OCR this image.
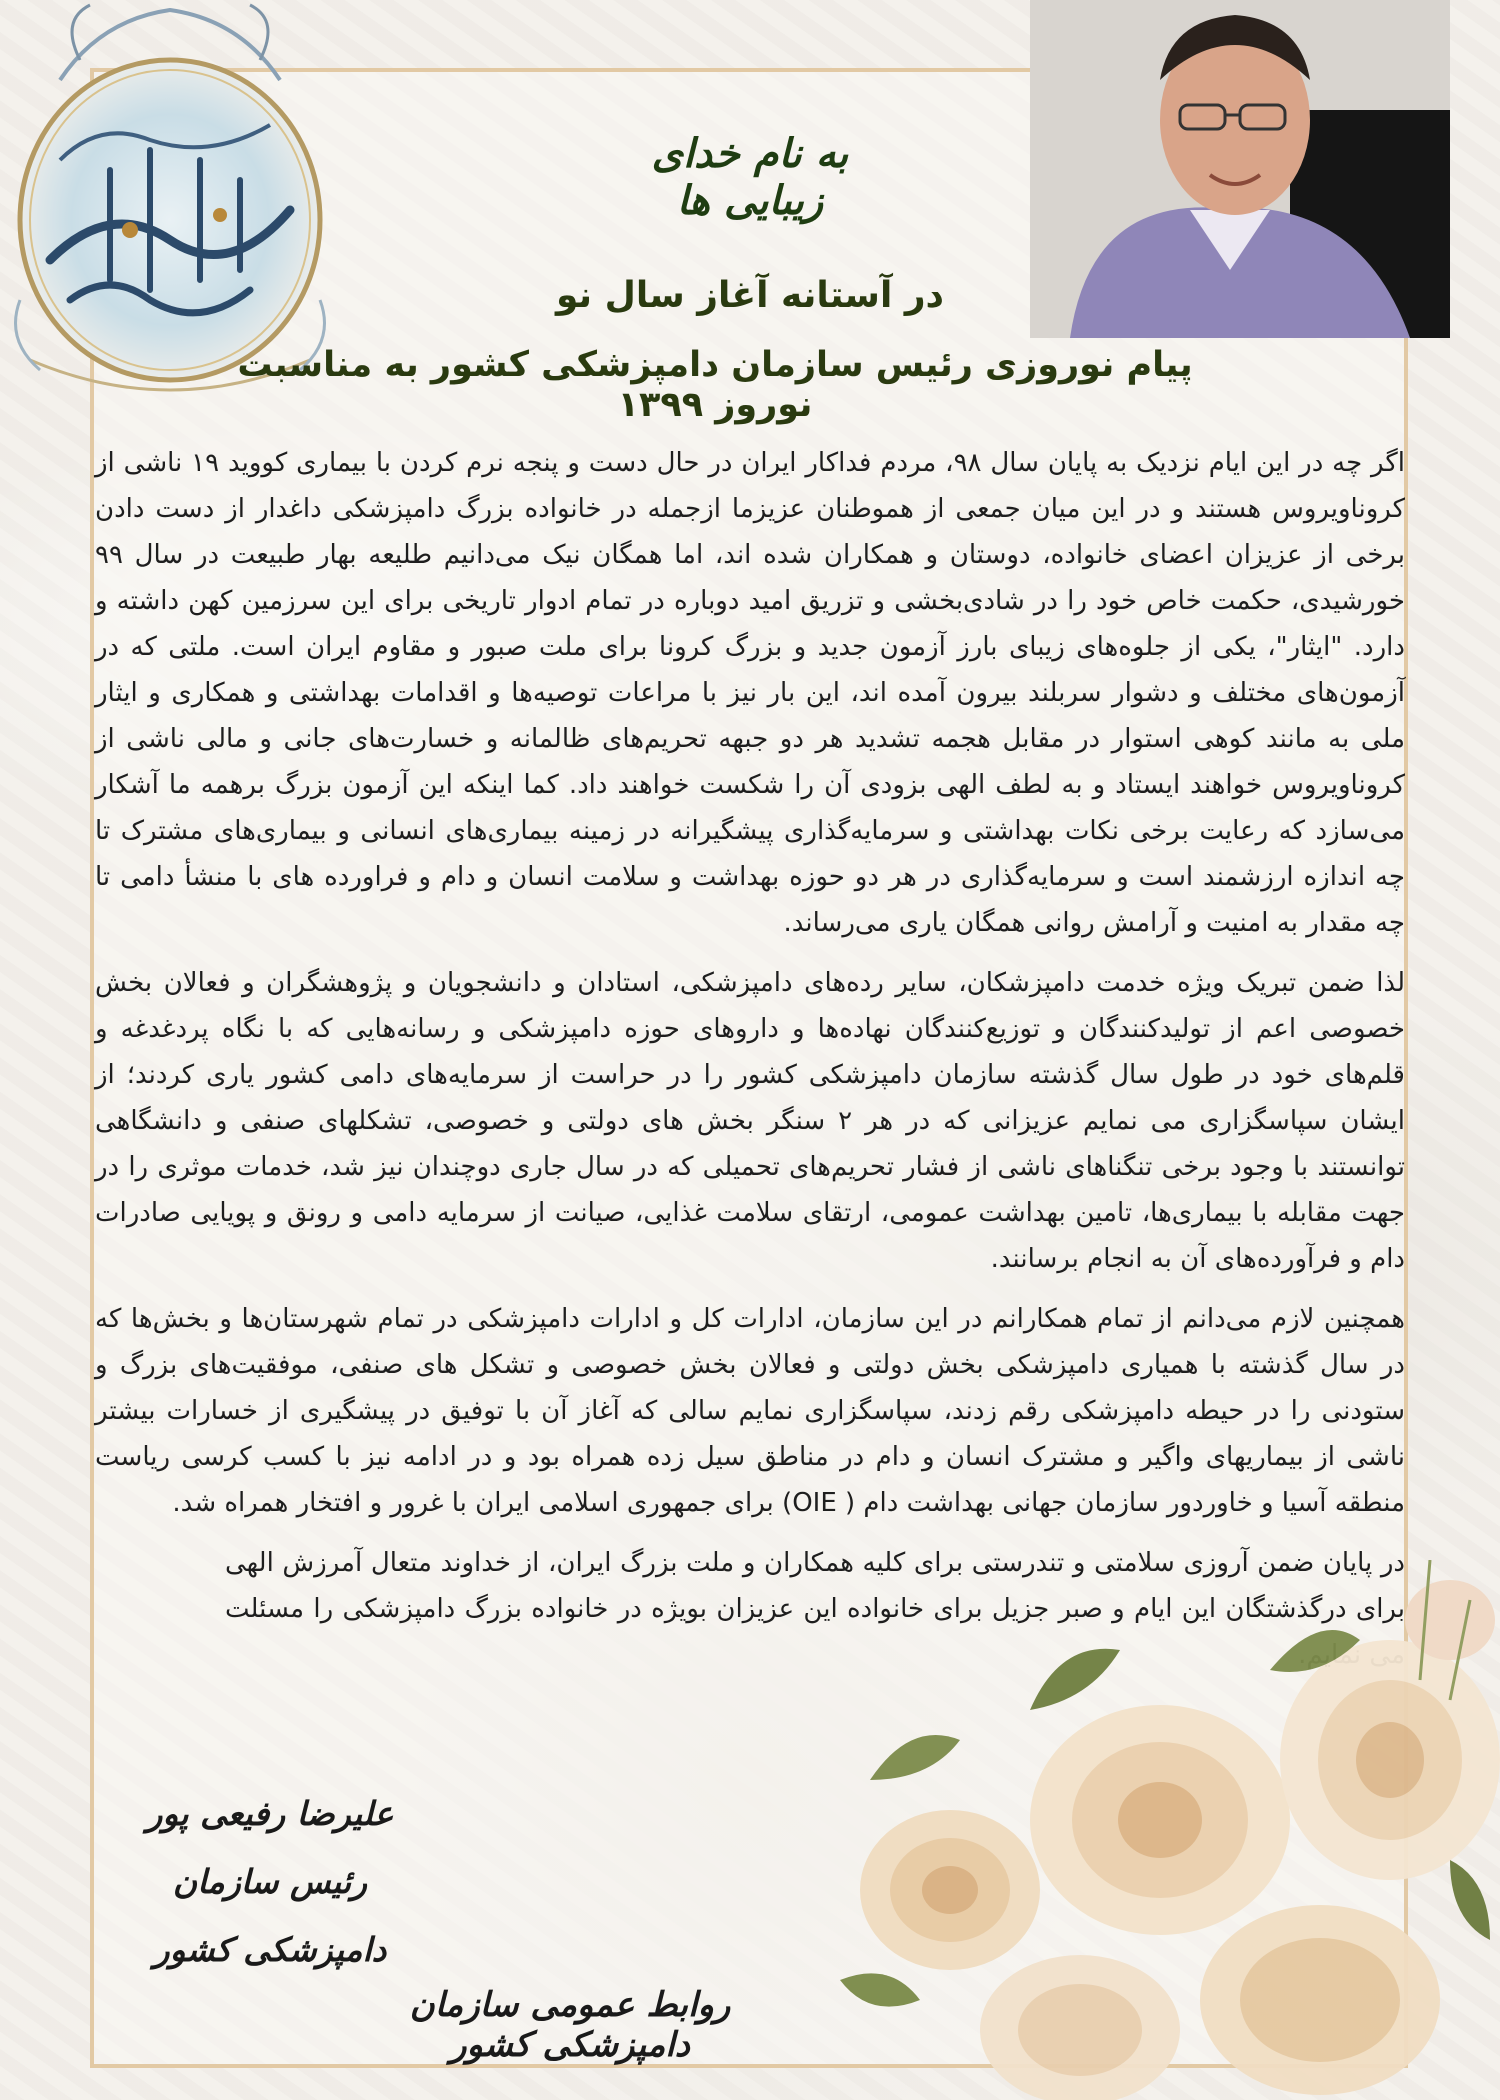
به نام خدای زیبایی ها
در آستانه آغاز سال نو
پیام نوروزی رئیس سازمان دامپزشکی کشور به مناسبت نوروز ۱۳۹۹

اگر چه در این ایام نزدیک به پایان سال ۹۸، مردم فداکار ایران در حال دست و پنجه نرم کردن با بیماری کووید ۱۹ ناشی از کروناویروس هستند و در این میان جمعی از هموطنان عزیزما ازجمله در خانواده بزرگ دامپزشکی داغدار از دست دادن برخی از عزیزان اعضای خانواده، دوستان و همکاران شده اند، اما همگان نیک می‌دانیم طلیعه بهار طبیعت در سال ۹۹ خورشیدی، حکمت خاص خود را در شادی‌بخشی و تزریق امید دوباره در تمام ادوار تاریخی برای این سرزمین کهن داشته و دارد. "ایثار"، یکی از جلوه‌های زیبای بارز آزمون جدید و بزرگ کرونا برای ملت صبور و مقاوم ایران است. ملتی که در آزمون‌های مختلف و دشوار سربلند بیرون آمده اند، این بار نیز با مراعات توصیه‌ها و اقدامات بهداشتی و همکاری و ایثار ملی به مانند کوهی استوار در مقابل هجمه تشدید هر دو جبهه تحریم‌های ظالمانه و خسارت‌های جانی و مالی ناشی از کروناویروس خواهند ایستاد و به لطف الهی بزودی آن را شکست خواهند داد. کما اینکه این آزمون بزرگ برهمه ما آشکار می‌سازد که رعایت برخی نکات بهداشتی و سرمایه‌گذاری پیشگیرانه در زمینه بیماری‌های انسانی و بیماری‌های مشترک تا چه اندازه ارزشمند است و سرمایه‌گذاری در هر دو حوزه بهداشت و سلامت انسان و دام و فراورده های با منشأ دامی تا چه مقدار به امنیت و آرامش روانی همگان یاری می‌رساند.

لذا ضمن تبریک ویژه خدمت دامپزشکان، سایر رده‌های دامپزشکی، استادان و دانشجویان و پژوهشگران و فعالان بخش خصوصی اعم از تولیدکنندگان و توزیع‌کنندگان نهاده‌ها و داروهای حوزه دامپزشکی و رسانه‌هایی که با نگاه پردغدغه و قلم‌های خود در طول سال گذشته سازمان دامپزشکی کشور را در حراست از سرمایه‌های دامی کشور یاری کردند؛ از ایشان سپاسگزاری می نمایم عزیزانی که در هر ۲ سنگر بخش های دولتی و خصوصی، تشکلهای صنفی و دانشگاهی توانستند با وجود برخی تنگناهای ناشی از فشار تحریم‌های تحمیلی که در سال جاری دوچندان نیز شد، خدمات موثری را در جهت مقابله با بیماری‌ها، تامین بهداشت عمومی، ارتقای سلامت غذایی، صیانت از سرمایه دامی و رونق و پویایی صادرات دام و فرآورده‌های آن به انجام برسانند.

همچنین لازم می‌دانم از تمام همکارانم در این سازمان، ادارات کل و ادارات دامپزشکی در تمام شهرستان‌ها و بخش‌ها که در سال گذشته با همیاری دامپزشکی بخش دولتی و فعالان بخش خصوصی و تشکل های صنفی، موفقیت‌های بزرگ و ستودنی را در حیطه دامپزشکی رقم زدند، سپاسگزاری نمایم سالی که آغاز آن با توفیق در پیشگیری از خسارات بیشتر ناشی از بیماریهای واگیر و مشترک انسان و دام در مناطق سیل زده همراه بود و در ادامه نیز با کسب کرسی ریاست منطقه آسیا و خاوردور سازمان جهانی بهداشت دام ( OIE) برای جمهوری اسلامی ایران با غرور و افتخار همراه شد.

در پایان ضمن آروزی سلامتی و تندرستی برای کلیه همکاران و ملت بزرگ ایران، از خداوند متعال آمرزش الهی برای درگذشتگان این ایام و صبر جزیل برای خانواده این عزیزان بویژه در خانواده بزرگ دامپزشکی را مسئلت

علیرضا رفیعی پور
رئیس سازمان دامپزشکی کشور
روابط عمومی سازمان دامپزشکی کشور
